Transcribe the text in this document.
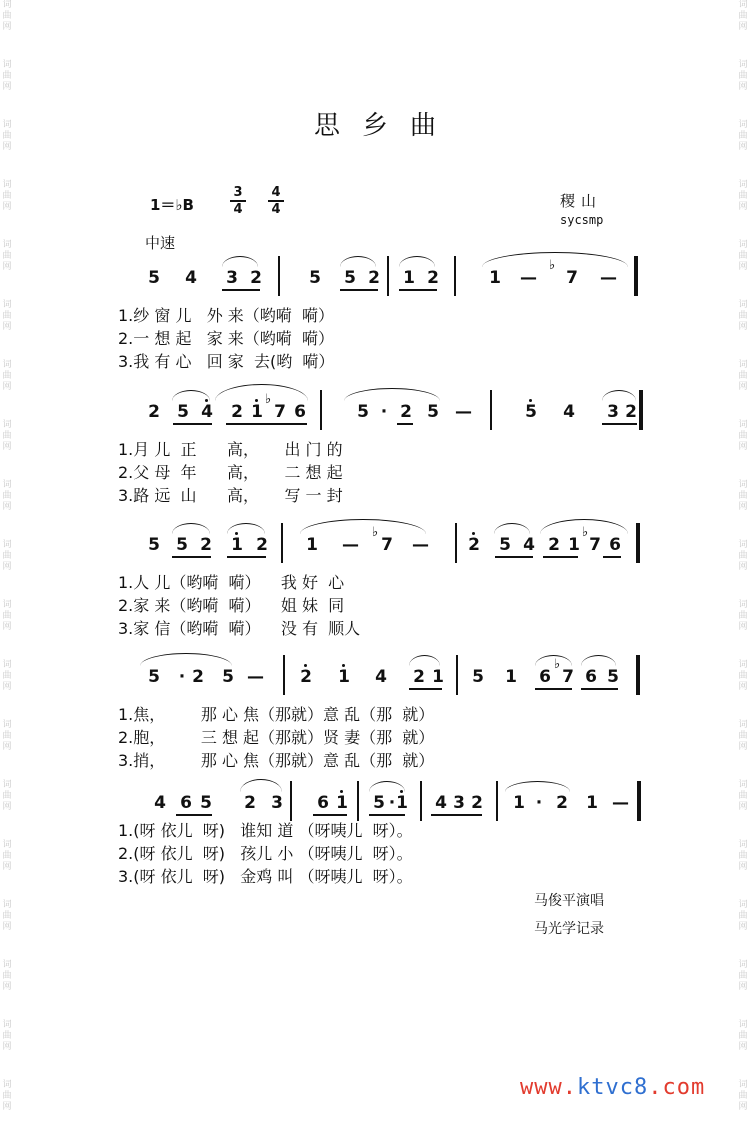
词
曲
网
词
曲
网
词
曲
网
词
曲
网
词
曲
网
词
曲
网
词
曲
网
词
曲
网
词
曲
网
词
曲
网
词
曲
网
词
曲
网
词
曲
网
词
曲
网
词
曲
网
词
曲
网
词
曲
网
词
曲
网
词
曲
网
词
曲
网
词
曲
网
词
曲
网
词
曲
网
词
曲
网
词
曲
网
词
曲
网
词
曲
网
词
曲
网
词
曲
网
词
曲
网
词
曲
网
词
曲
网
词
曲
网
词
曲
网
词
曲
网
词
曲
网
词
曲
网
词
曲
网
思乡曲
1＝♭B
3
4
4
4	稷山
sycsmp
中速
5 4 3 2	5 5 2 1 2	1 —
♭
7 —
1.纱 窗 儿   外 来（哟嗬  嗬）
2.一 想 起   家 来（哟嗬  嗬）
3.我 有 心   回 家  去(哟  嗬）
2 5 4 2 1
♭
7 6	5 · 2 5 —	5 4 3 2
1.月 儿  正      高，     出 门 的
2.父 母  年      高，     二 想 起
3.路 远  山      高，     写 一 封
5 5 2 1 2 1 —
♭
7 — 2 5 4 2 1
♭
7 6
1.人 儿（哟嗬  嗬）    我 好  心
2.家 来（哟嗬  嗬）    姐 妹  同
3.家 信（哟嗬  嗬）    没 有  顺人
5 · 2 5 — 2 1 4 2 1 5 1 6
♭
7 6 5
1.焦，       那 心 焦（那就）意 乱（那  就）
2.胞，       三 想 起（那就）贤 妻（那  就）
3.捎，       那 心 焦（那就）意 乱（那  就）
4 6 5 2 3 6 1 5 · 1 4 3 2 1 · 2 1 —
1.(呀 依儿  呀)   谁知 道 （呀咦儿  呀）。
2.(呀 依儿  呀)   孩儿 小 （呀咦儿  呀）。
3.(呀 依儿  呀)   金鸡 叫 （呀咦儿  呀）。
马俊平演唱
马光学记录
www.ktvc8.com
